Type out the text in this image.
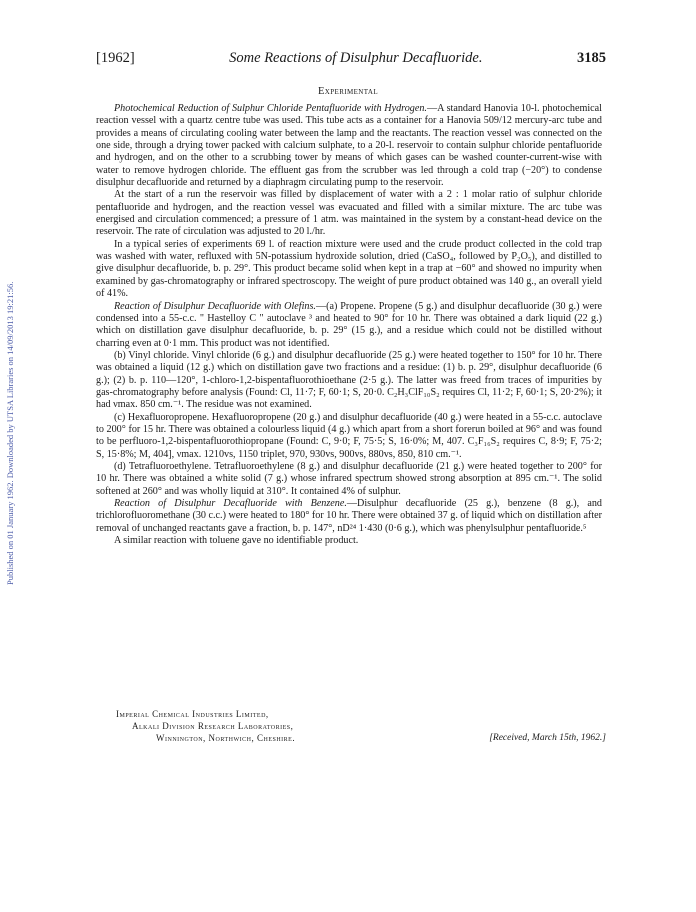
Published on 01 January 1962. Downloaded by UTSA Libraries on 14/09/2013 19:21:56.
[1962]	Some Reactions of Disulphur Decafluoride.	3185
Experimental

Photochemical Reduction of Sulphur Chloride Pentafluoride with Hydrogen.—A standard Hanovia 10-l. photochemical reaction vessel with a quartz centre tube was used. This tube acts as a container for a Hanovia 509/12 mercury-arc tube and provides a means of circulating cooling water between the lamp and the reactants. The reaction vessel was connected on the one side, through a drying tower packed with calcium sulphate, to a 20-l. reservoir to contain sulphur chloride pentafluoride and hydrogen, and on the other to a scrubbing tower by means of which gases can be washed counter-current-wise with water to remove hydrogen chloride. The effluent gas from the scrubber was led through a cold trap (−20°) to condense disulphur decafluoride and returned by a diaphragm circulating pump to the reservoir.

At the start of a run the reservoir was filled by displacement of water with a 2 : 1 molar ratio of sulphur chloride pentafluoride and hydrogen, and the reaction vessel was evacuated and filled with a similar mixture. The arc tube was energised and circulation commenced; a pressure of 1 atm. was maintained in the system by a constant-head device on the reservoir. The rate of circulation was adjusted to 20 l./hr.

In a typical series of experiments 69 l. of reaction mixture were used and the crude product collected in the cold trap was washed with water, refluxed with 5N-potassium hydroxide solution, dried (CaSO₄, followed by P₂O₅), and distilled to give disulphur decafluoride, b. p. 29°. This product became solid when kept in a trap at −60° and showed no impurity when examined by gas-chromatography or infrared spectroscopy. The weight of pure product obtained was 140 g., an overall yield of 41%.

Reaction of Disulphur Decafluoride with Olefins.—(a) Propene. Propene (5 g.) and disulphur decafluoride (30 g.) were condensed into a 55-c.c. " Hastelloy C " autoclave ³ and heated to 90° for 10 hr. There was obtained a dark liquid (22 g.) which on distillation gave disulphur decafluoride, b. p. 29° (15 g.), and a residue which could not be distilled without charring even at 0·1 mm. This product was not identified.

(b) Vinyl chloride. Vinyl chloride (6 g.) and disulphur decafluoride (25 g.) were heated together to 150° for 10 hr. There was obtained a liquid (12 g.) which on distillation gave two fractions and a residue: (1) b. p. 29°, disulphur decafluoride (6 g.); (2) b. p. 110—120°, 1-chloro-1,2-bispentafluorothioethane (2·5 g.). The latter was freed from traces of impurities by gas-chromatography before analysis (Found: Cl, 11·7; F, 60·1; S, 20·0. C₂H₃ClF₁₀S₂ requires Cl, 11·2; F, 60·1; S, 20·2%); it had νmax. 850 cm.⁻¹. The residue was not examined.

(c) Hexafluoropropene. Hexafluoropropene (20 g.) and disulphur decafluoride (40 g.) were heated in a 55-c.c. autoclave to 200° for 15 hr. There was obtained a colourless liquid (4 g.) which apart from a short forerun boiled at 96° and was found to be perfluoro-1,2-bispentafluorothiopropane (Found: C, 9·0; F, 75·5; S, 16·0%; M, 407. C₃F₁₆S₂ requires C, 8·9; F, 75·2; S, 15·8%; M, 404], νmax. 1210vs, 1150 triplet, 970, 930vs, 900vs, 880vs, 850, 810 cm.⁻¹.

(d) Tetrafluoroethylene. Tetrafluoroethylene (8 g.) and disulphur decafluoride (21 g.) were heated together to 200° for 10 hr. There was obtained a white solid (7 g.) whose infrared spectrum showed strong absorption at 895 cm.⁻¹. The solid softened at 260° and was wholly liquid at 310°. It contained 4% of sulphur.

Reaction of Disulphur Decafluoride with Benzene.—Disulphur decafluoride (25 g.), benzene (8 g.), and trichlorofluoromethane (30 c.c.) were heated to 180° for 10 hr. There were obtained 37 g. of liquid which on distillation after removal of unchanged reactants gave a fraction, b. p. 147°, nD²⁴ 1·430 (0·6 g.), which was phenylsulphur pentafluoride.⁵

A similar reaction with toluene gave no identifiable product.

Imperial Chemical Industries Limited,
Alkali Division Research Laboratories,
Winnington, Northwich, Cheshire.	[Received, March 15th, 1962.]
